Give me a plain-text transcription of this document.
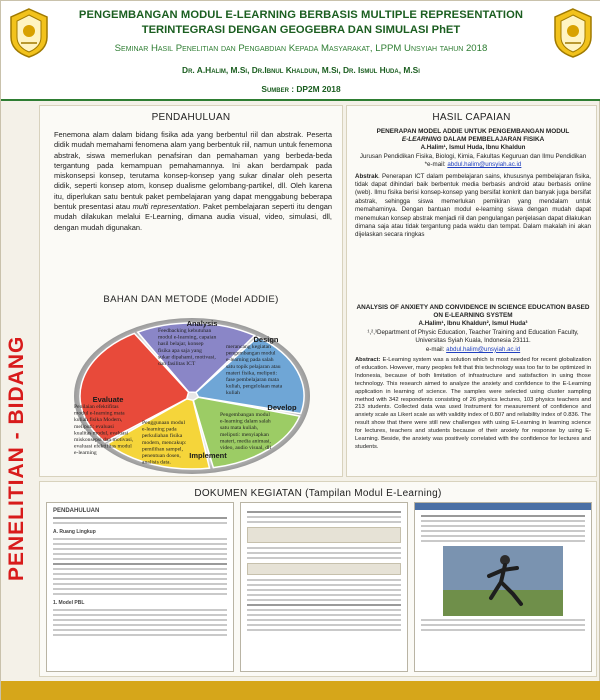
PENGEMBANGAN MODUL E-LEARNING BERBASIS MULTIPLE REPRESENTATION
TERINTEGRASI DENGAN GEOGEBRA DAN SIMULASI PhET
Seminar Hasil Penelitian dan Pengabdian Kepada Masyarakat, LPPM Unsyiah tahun 2018
Dr. A.Halim, M.Si, Dr.Ibnul Khaldun, M.Si, Dr. Ismul Huda, M.Si
Sumber : DP2M 2018
PENELITIAN - BIDANG
PENDAHULUAN
Fenemona alam dalam bidang fisika ada yang berbentul riil dan abstrak. Peserta didik mudah memahami fenomena alam yang berbentuk riil, namun untuk fenemona abstrak, siswa memerlukan penafsiran dan pemahaman yang berbeda-beda tergantung pada kemampuan pemahamannya. Ini akan berdampak pada miskonsepsi konsep, terutama konsep-konsep yang sukar dinalar oleh peserta didik, seperti konsep atom, konsep dualisme gelombang-partikel, dll. Oleh karena itu, diperlukan satu bentuk paket pembelajaran yang dapat menggabung beberapa bentuk presentasi atau multi representation. Paket pembelajaran seperti itu dengan mudah dilakukan melalui E-Learning, dimana audia visual, video, simulasi, dll, dengan mudah digunakan.
BAHAN DAN METODE (Model ADDIE)
Analysis
Design
Develop
Implement
Evaluate
Feedbacking kebutuhan modul e-learning, capaian hasil belajar, konsep fisika apa saja yang sukar dipahami, motivasi, dan fasilitas ICT
merancang kegiatan pengembangan modul e-learning pada salah satu topik pelajaran atau materi fisika, meliputi: fase pembelajaran mata kuliah, pengelolaan mata kuliah
Pengembangan modul e-learning dalam salah satu mata kuliah, meliputi: menyiapkan materi, media animasi, video, audio visual, dll
Penggunaan modul e-learning pada perkuliahan fisika modern, mencakup: pemilihan sampel, penentuan dosen, analisis data.
Penilaian efektifitas modul e-learning mata kuliah fisika Modern, meliputi: evaluasi kualitas modul, evaluasi miskonsepsi dan motivasi, evaluasi efektifitas modul e-learning
HASIL CAPAIAN
PENERAPAN MODEL ADDIE UNTUK PENGEMBANGAN MODUL
E-LEARNING DALAM PEMBELAJARAN FISIKA
A.Halim¹, Ismul Huda, Ibnu Khaldun
Jurusan Pendidikan Fisika, Biologi, Kimia, Fakultas Keguruan dan Ilmu Pendidikan
*e-mail: abdul.halim@unsyiah.ac.id
Abstrak. Penerapan ICT dalam pembelajaran sains, khususnya pembelajaran fisika, tidak dapat dihindari baik berbentuk media berbasis android atau berbasis online (web). Ilmu fisika berisi konsep-konsep yang bersifat konkrit dan banyak juga bersifat abstrak, sehingga siswa memerlukan pemikiran yang mendalam untuk memahaminya. Dengan bantuan modul e-learning siswa dengan mudah dapat menemukan konsep abstrak menjadi riil dan pengulangan penjelasan dapat dilakukan dimana saja atau tidak tergantung pada waktu dan tempat. Dalam makalah ini akan dijelaskan secara ringkas
ANALYSIS OF ANXIETY AND CONVIDENCE IN SCIENCE EDUCATION BASED ON E-LEARNING SYSTEM
A.Halim¹, Ibnu Khaldun², Ismul Huda³
¹,²,³Department of Physic Education, Teacher Training and Education Faculty, Universitas Syiah Kuala, Indonesia 23111.
e-mail: abdul.halim@unsyiah.ac.id
Abstract: E-Learning system was a solution which is most needed for recent globalization of education. However, many peoples felt that this technology was too far to be optimized in Indonesia, because of both limitation of infrastructure and satisfaction in using those technology. This research aimed to analyze the anxiety and confidence to the E-Learning application in learning of science. The samples were selected using cluster sampling method with 342 respondents consisting of 26 physics lectures, 103 physics teachers and 213 students. Collected data was used Instrument for measurement of confidence and anxiety scale as Likert scale as with validity index of 0.807 and reliability index of 0.836. The result show that there were still new challenges with using E-Learning in learning science for lectures, teachers and students because of their anxiety for response by using E-Learning. Beside, the anxiety was positively correlated with the confidence for lectures and students.
DOKUMEN KEGIATAN (Tampilan Modul E-Learning)
PENDAHULUAN
A. Ruang Lingkup
1. Model PBL
